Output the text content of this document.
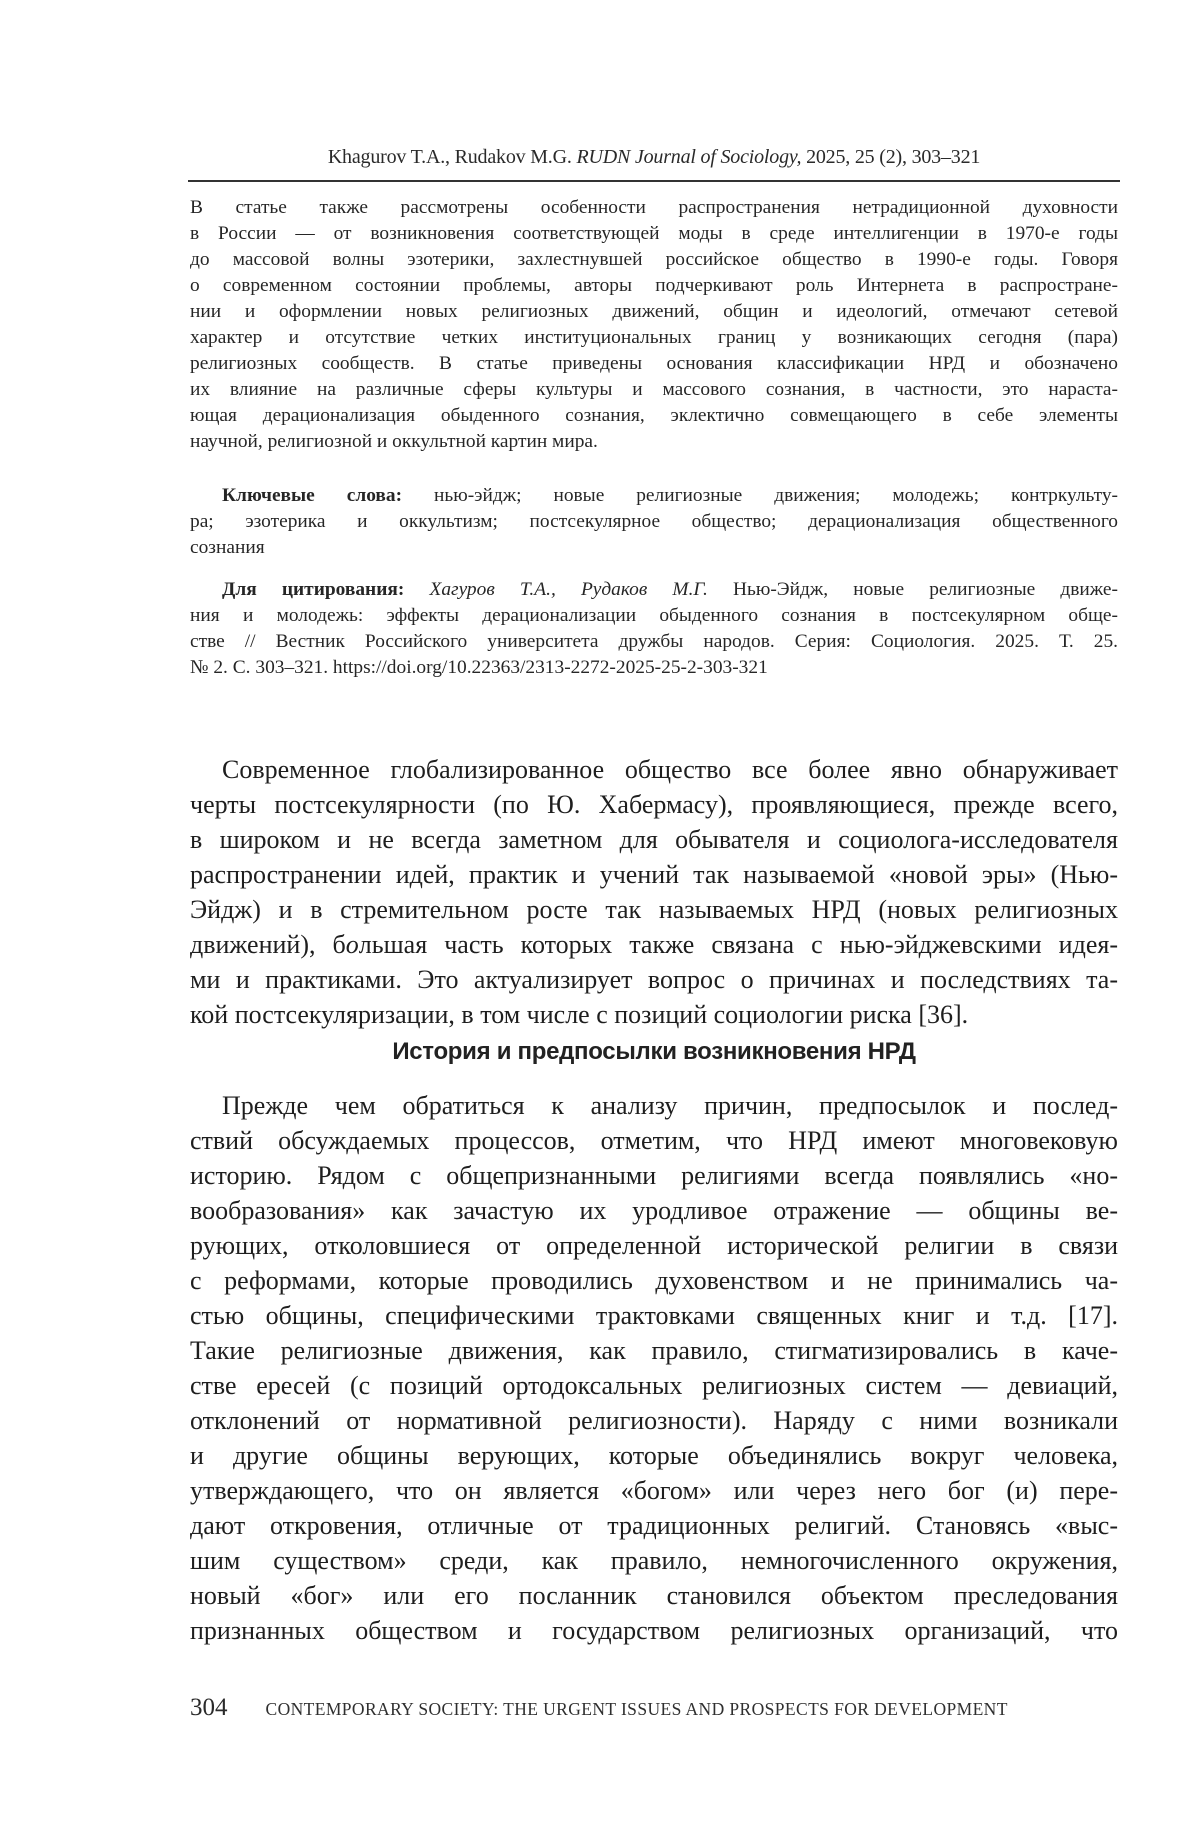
Khagurov T.A., Rudakov M.G. RUDN Journal of Sociology, 2025, 25 (2), 303–321
В статье также рассмотрены особенности распространения нетрадиционной духовности
в России — от возникновения соответствующей моды в среде интеллигенции в 1970-е годы
до массовой волны эзотерики, захлестнувшей российское общество в 1990-е годы. Говоря
о современном состоянии проблемы, авторы подчеркивают роль Интернета в распростране-
нии и оформлении новых религиозных движений, общин и идеологий, отмечают сетевой
характер и отсутствие четких институциональных границ у возникающих сегодня (пара)
религиозных сообществ. В статье приведены основания классификации НРД и обозначено
их влияние на различные сферы культуры и массового сознания, в частности, это нараста-
ющая дерационализация обыденного сознания, эклектично совмещающего в себе элементы
научной, религиозной и оккультной картин мира.
Ключевые слова: нью-эйдж; новые религиозные движения; молодежь; контркульту-
ра; эзотерика и оккультизм; постсекулярное общество; дерационализация общественного
сознания
Для цитирования: Хагуров Т.А., Рудаков М.Г. Нью-Эйдж, новые религиозные движе-
ния и молодежь: эффекты дерационализации обыденного сознания в постсекулярном обще-
стве // Вестник Российского университета дружбы народов. Серия: Социология. 2025. Т. 25.
№ 2. С. 303–321. https://doi.org/10.22363/2313-2272-2025-25-2-303-321
Современное глобализированное общество все более явно обнаруживает
черты постсекулярности (по Ю. Хабермасу), проявляющиеся, прежде всего,
в широком и не всегда заметном для обывателя и социолога-исследователя
распространении идей, практик и учений так называемой «новой эры» (Нью-
Эйдж) и в стремительном росте так называемых НРД (новых религиозных
движений), большая часть которых также связана с нью-эйджевскими идея-
ми и практиками. Это актуализирует вопрос о причинах и последствиях та-
кой постсекуляризации, в том числе с позиций социологии риска [36].
История и предпосылки возникновения НРД
Прежде чем обратиться к анализу причин, предпосылок и послед-
ствий обсуждаемых процессов, отметим, что НРД имеют многовековую
историю. Рядом с общепризнанными религиями всегда появлялись «но-
вообразования» как зачастую их уродливое отражение — общины ве-
рующих, отколовшиеся от определенной исторической религии в связи
с реформами, которые проводились духовенством и не принимались ча-
стью общины, специфическими трактовками священных книг и т.д. [17].
Такие религиозные движения, как правило, стигматизировались в каче-
стве ересей (с позиций ортодоксальных религиозных систем — девиаций,
отклонений от нормативной религиозности). Наряду с ними возникали
и другие общины верующих, которые объединялись вокруг человека,
утверждающего, что он является «богом» или через него бог (и) пере-
дают откровения, отличные от традиционных религий. Становясь «выс-
шим существом» среди, как правило, немногочисленного окружения,
новый «бог» или его посланник становился объектом преследования
признанных обществом и государством религиозных организаций, что
304 CONTEMPORARY SOCIETY: THE URGENT ISSUES AND PROSPECTS FOR DEVELOPMENT
